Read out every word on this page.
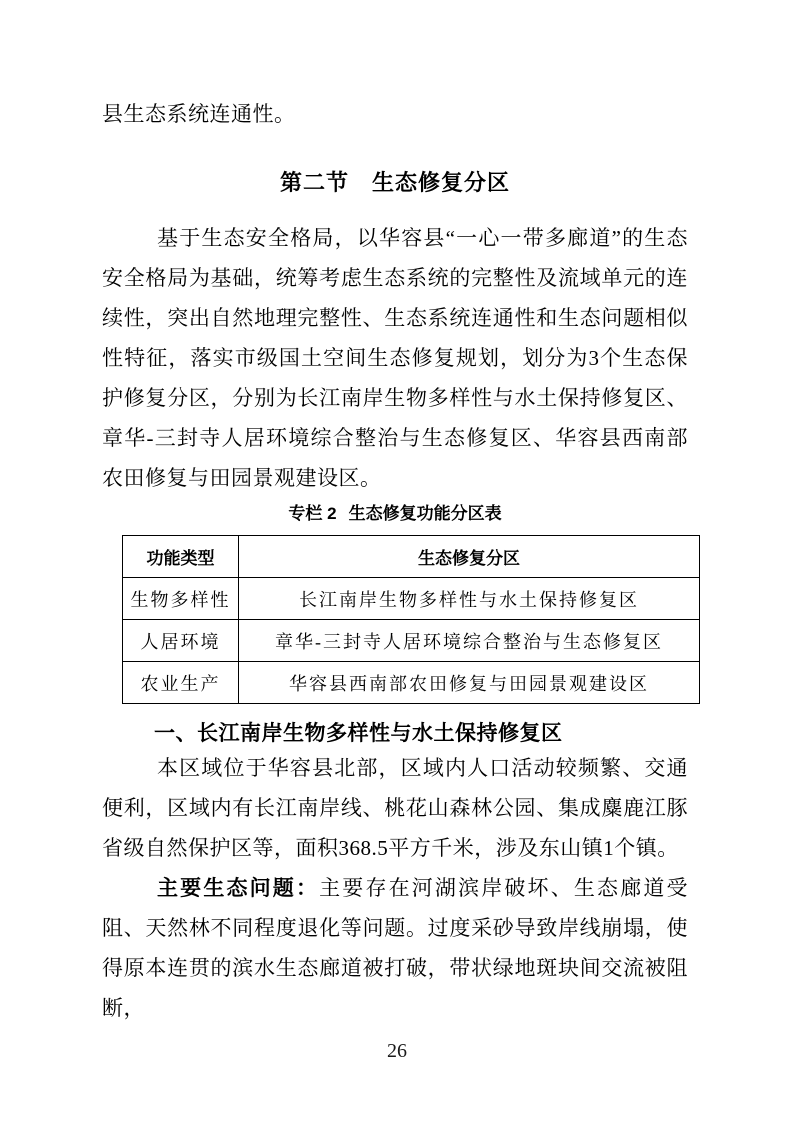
县生态系统连通性。

第二节　生态修复分区

基于生态安全格局，以华容县“一心一带多廊道”的生态安全格局为基础，统筹考虑生态系统的完整性及流域单元的连续性，突出自然地理完整性、生态系统连通性和生态问题相似性特征，落实市级国土空间生态修复规划，划分为3个生态保护修复分区，分别为长江南岸生物多样性与水土保持修复区、章华-三封寺人居环境综合整治与生态修复区、华容县西南部农田修复与田园景观建设区。

专栏 2 生态修复功能分区表
功能类型	生态修复分区
生物多样性	长江南岸生物多样性与水土保持修复区
人居环境	章华-三封寺人居环境综合整治与生态修复区
农业生产	华容县西南部农田修复与田园景观建设区
一、长江南岸生物多样性与水土保持修复区

本区域位于华容县北部，区域内人口活动较频繁、交通便利，区域内有长江南岸线、桃花山森林公园、集成麋鹿江豚省级自然保护区等，面积368.5平方千米，涉及东山镇1个镇。

主要生态问题：主要存在河湖滨岸破坏、生态廊道受阻、天然林不同程度退化等问题。过度采砂导致岸线崩塌，使得原本连贯的滨水生态廊道被打破，带状绿地斑块间交流被阻断，

26
